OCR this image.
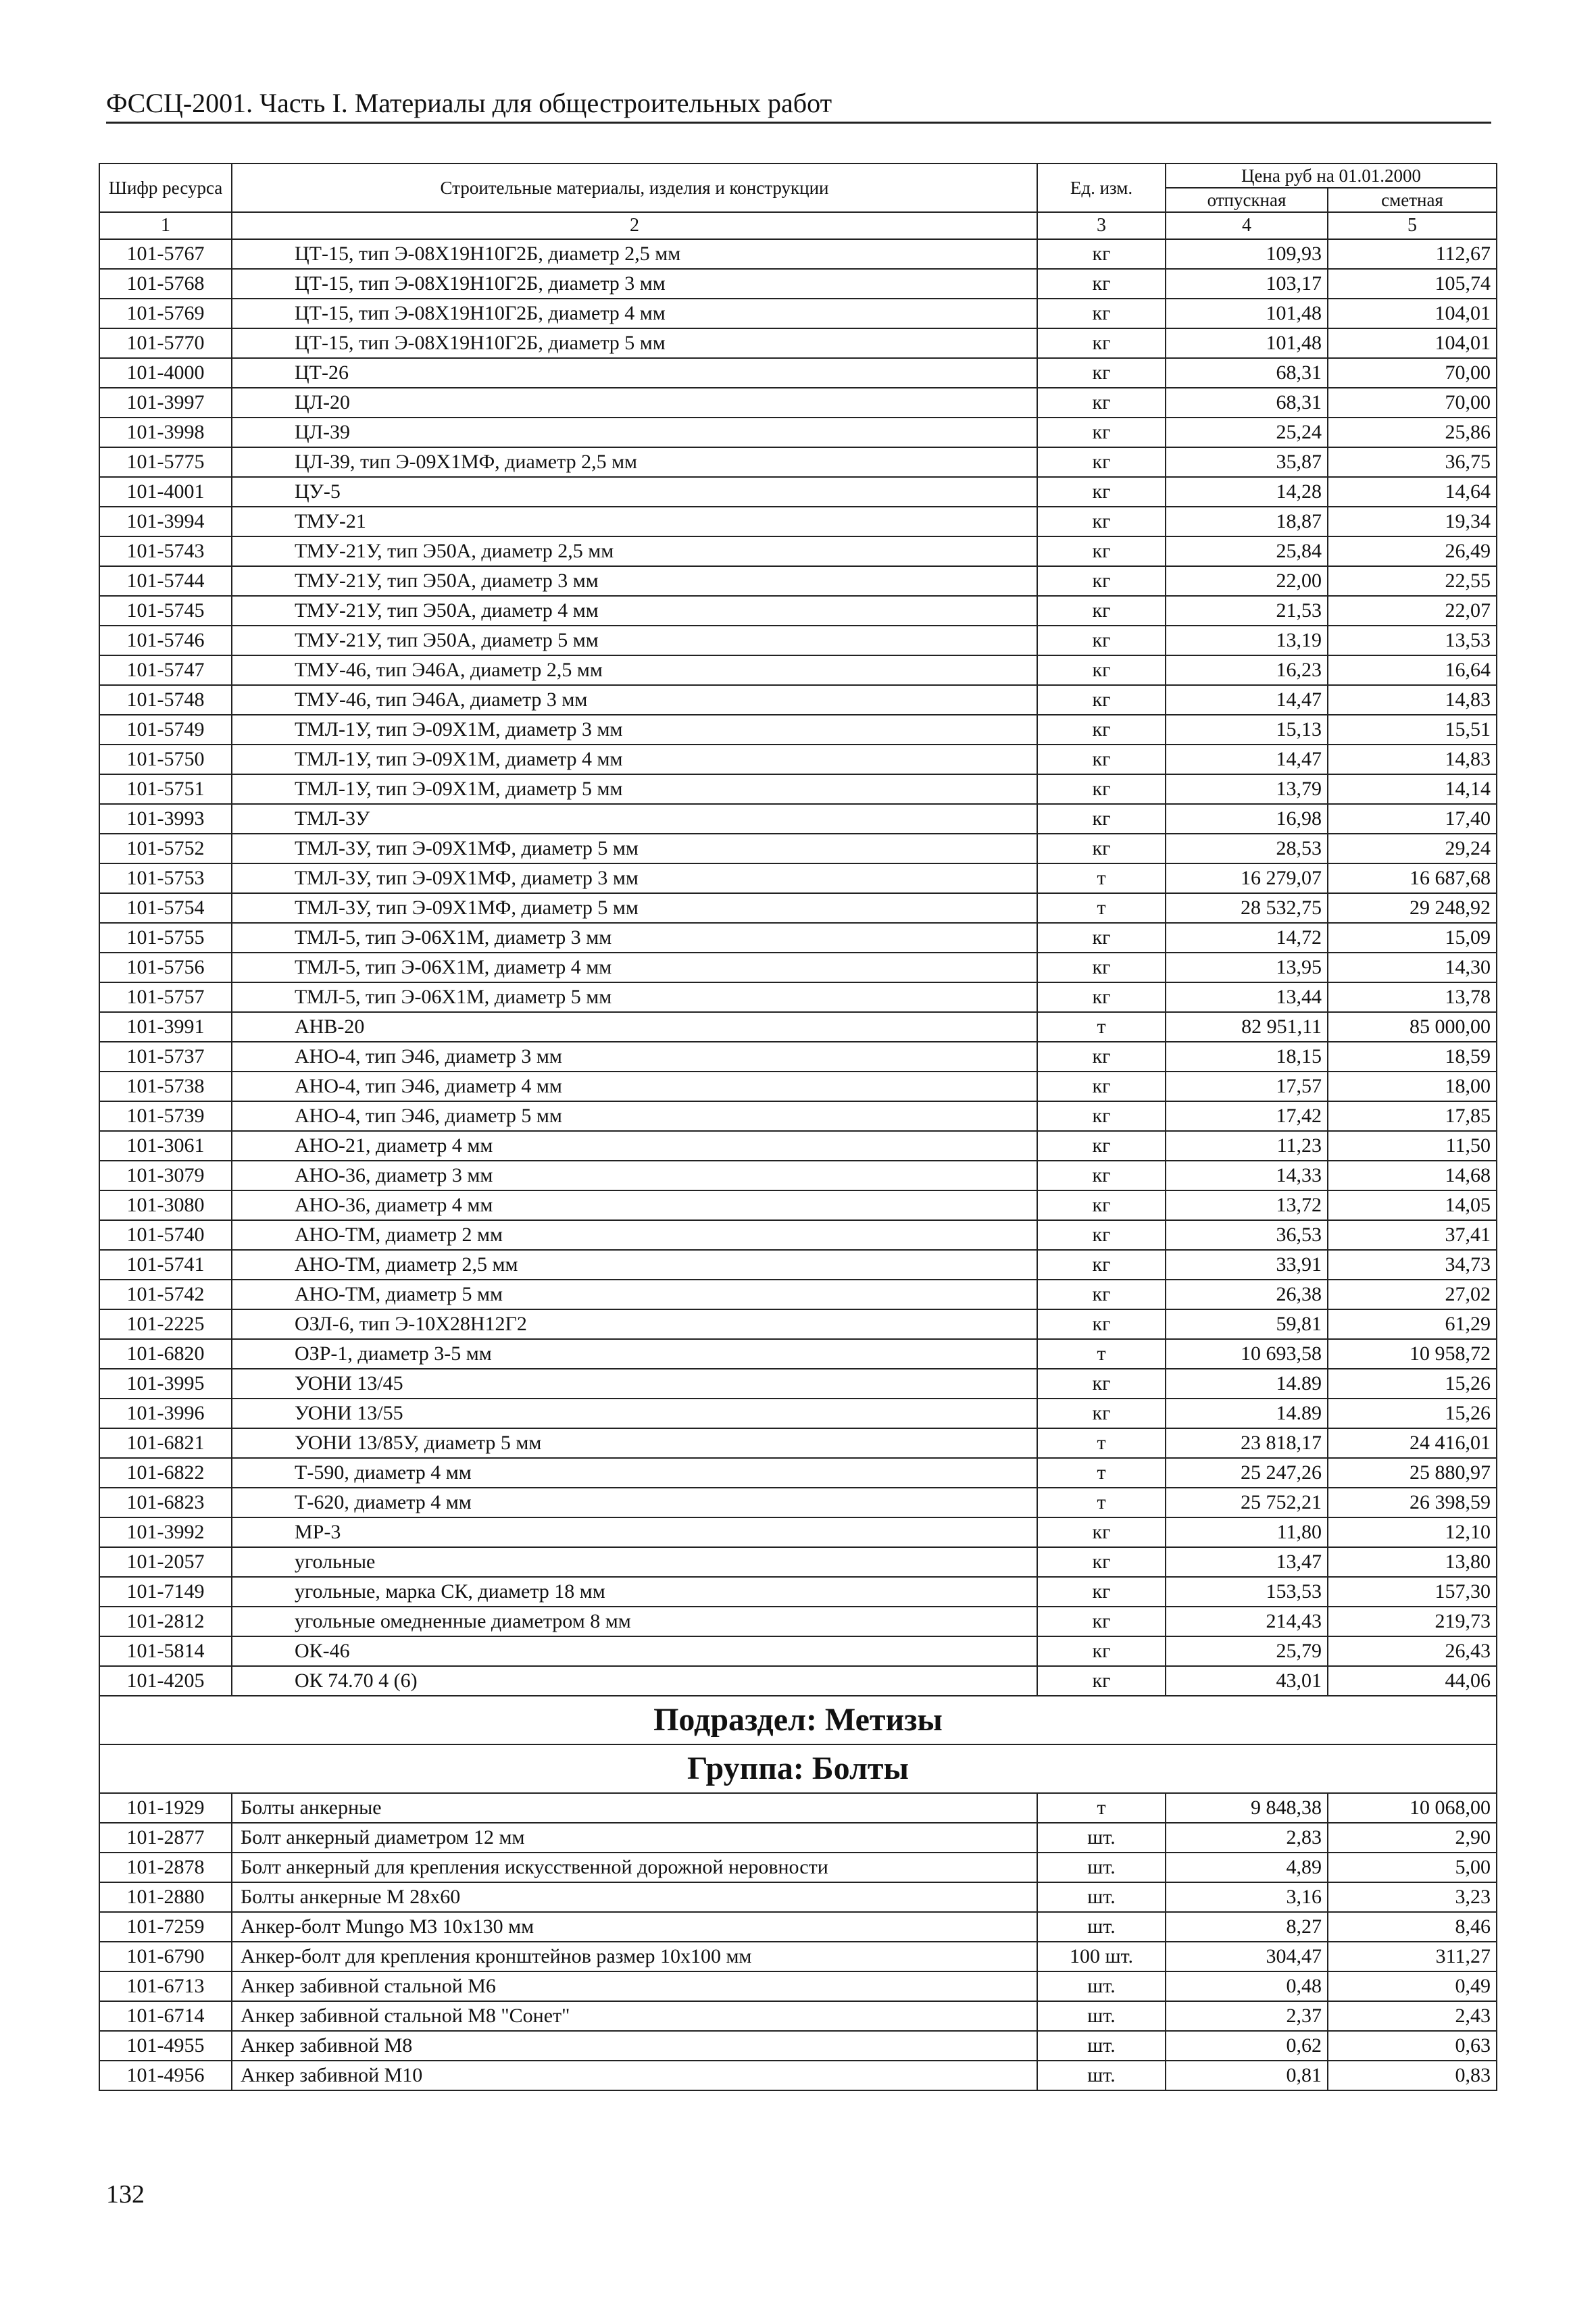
ФССЦ-2001. Часть I. Материалы для общестроительных работ
Шифр ресурса	Строительные материалы, изделия и конструкции	Ед. изм.	Цена руб на 01.01.2000	
			отпускная	сметная
1	2	3	4	5
101-5767	ЦТ-15, тип Э-08Х19Н10Г2Б, диаметр 2,5 мм	кг	109,93	112,67
101-5768	ЦТ-15, тип Э-08Х19Н10Г2Б, диаметр 3 мм	кг	103,17	105,74
101-5769	ЦТ-15, тип Э-08Х19Н10Г2Б, диаметр 4 мм	кг	101,48	104,01
101-5770	ЦТ-15, тип Э-08Х19Н10Г2Б, диаметр 5 мм	кг	101,48	104,01
101-4000	ЦТ-26	кг	68,31	70,00
101-3997	ЦЛ-20	кг	68,31	70,00
101-3998	ЦЛ-39	кг	25,24	25,86
101-5775	ЦЛ-39, тип Э-09Х1МФ, диаметр 2,5 мм	кг	35,87	36,75
101-4001	ЦУ-5	кг	14,28	14,64
101-3994	ТМУ-21	кг	18,87	19,34
101-5743	ТМУ-21У, тип Э50А, диаметр 2,5 мм	кг	25,84	26,49
101-5744	ТМУ-21У, тип Э50А, диаметр 3 мм	кг	22,00	22,55
101-5745	ТМУ-21У, тип Э50А, диаметр 4 мм	кг	21,53	22,07
101-5746	ТМУ-21У, тип Э50А, диаметр 5 мм	кг	13,19	13,53
101-5747	ТМУ-46, тип Э46А, диаметр 2,5 мм	кг	16,23	16,64
101-5748	ТМУ-46, тип Э46А, диаметр 3 мм	кг	14,47	14,83
101-5749	ТМЛ-1У, тип Э-09Х1М, диаметр 3 мм	кг	15,13	15,51
101-5750	ТМЛ-1У, тип Э-09Х1М, диаметр 4 мм	кг	14,47	14,83
101-5751	ТМЛ-1У, тип Э-09Х1М, диаметр 5 мм	кг	13,79	14,14
101-3993	ТМЛ-3У	кг	16,98	17,40
101-5752	ТМЛ-3У, тип Э-09Х1МФ, диаметр 5 мм	кг	28,53	29,24
101-5753	ТМЛ-3У, тип Э-09Х1МФ, диаметр 3 мм	т	16 279,07	16 687,68
101-5754	ТМЛ-3У, тип Э-09Х1МФ, диаметр 5 мм	т	28 532,75	29 248,92
101-5755	ТМЛ-5, тип Э-06Х1М, диаметр 3 мм	кг	14,72	15,09
101-5756	ТМЛ-5, тип Э-06Х1М, диаметр 4 мм	кг	13,95	14,30
101-5757	ТМЛ-5, тип Э-06Х1М, диаметр 5 мм	кг	13,44	13,78
101-3991	АНВ-20	т	82 951,11	85 000,00
101-5737	АНО-4, тип Э46, диаметр 3 мм	кг	18,15	18,59
101-5738	АНО-4, тип Э46, диаметр 4 мм	кг	17,57	18,00
101-5739	АНО-4, тип Э46, диаметр 5 мм	кг	17,42	17,85
101-3061	АНО-21, диаметр 4 мм	кг	11,23	11,50
101-3079	АНО-36, диаметр 3 мм	кг	14,33	14,68
101-3080	АНО-36, диаметр 4 мм	кг	13,72	14,05
101-5740	АНО-ТМ, диаметр 2 мм	кг	36,53	37,41
101-5741	АНО-ТМ, диаметр 2,5 мм	кг	33,91	34,73
101-5742	АНО-ТМ, диаметр 5 мм	кг	26,38	27,02
101-2225	ОЗЛ-6, тип Э-10Х28Н12Г2	кг	59,81	61,29
101-6820	ОЗР-1, диаметр 3-5 мм	т	10 693,58	10 958,72
101-3995	УОНИ 13/45	кг	14.89	15,26
101-3996	УОНИ 13/55	кг	14.89	15,26
101-6821	УОНИ 13/85У, диаметр 5 мм	т	23 818,17	24 416,01
101-6822	Т-590, диаметр 4 мм	т	25 247,26	25 880,97
101-6823	Т-620, диаметр 4 мм	т	25 752,21	26 398,59
101-3992	МР-3	кг	11,80	12,10
101-2057	угольные	кг	13,47	13,80
101-7149	угольные, марка СК, диаметр 18 мм	кг	153,53	157,30
101-2812	угольные омедненные диаметром 8 мм	кг	214,43	219,73
101-5814	ОК-46	кг	25,79	26,43
101-4205	ОК 74.70 4 (6)	кг	43,01	44,06
Подраздел: Метизы				
Группа: Болты				
101-1929	Болты анкерные	т	9 848,38	10 068,00
101-2877	Болт анкерный диаметром 12 мм	шт.	2,83	2,90
101-2878	Болт анкерный для крепления искусственной дорожной неровности	шт.	4,89	5,00
101-2880	Болты анкерные М 28х60	шт.	3,16	3,23
101-7259	Анкер-болт Mungo М3 10х130 мм	шт.	8,27	8,46
101-6790	Анкер-болт для крепления кронштейнов размер 10х100 мм	100 шт.	304,47	311,27
101-6713	Анкер забивной стальной М6	шт.	0,48	0,49
101-6714	Анкер забивной стальной М8 "Сонет"	шт.	2,37	2,43
101-4955	Анкер забивной М8	шт.	0,62	0,63
101-4956	Анкер забивной М10	шт.	0,81	0,83
132
